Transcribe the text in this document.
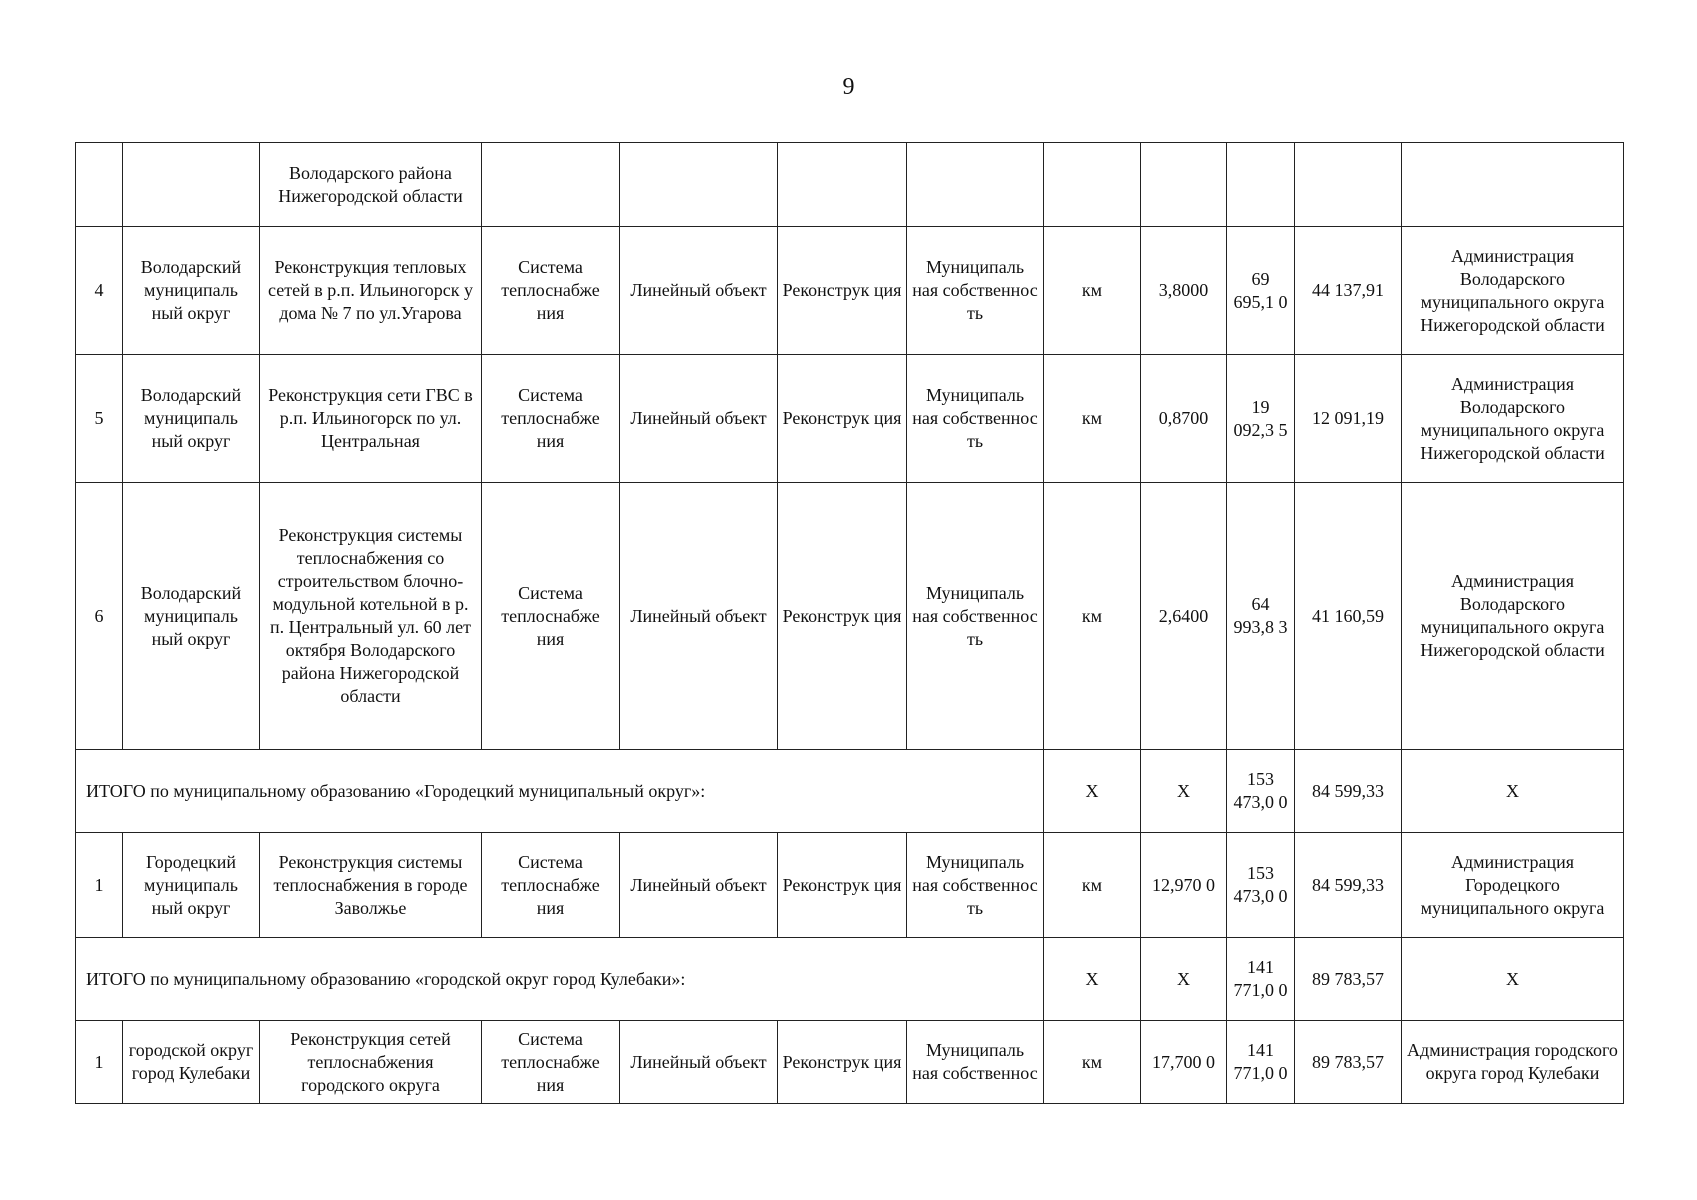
9
		Володарского района Нижегородской области									
4	Володарский муниципаль ный округ	Реконструкция тепловых сетей в р.п. Ильиногорск у дома № 7 по ул.Угарова	Система теплоснабже ния	Линейный объект	Реконструк ция	Муниципаль ная собственнос ть	км	3,8000	69 695,1 0	44 137,91	Администрация Володарского муниципального округа Нижегородской области
5	Володарский муниципаль ный округ	Реконструкция сети ГВС в р.п. Ильиногорск по ул. Центральная	Система теплоснабже ния	Линейный объект	Реконструк ция	Муниципаль ная собственнос ть	км	0,8700	19 092,3 5	12 091,19	Администрация Володарского муниципального округа Нижегородской области
6	Володарский муниципаль ный округ	Реконструкция системы теплоснабжения со строительством блочно-модульной котельной в р. п. Центральный ул. 60 лет октября Володарского района Нижегородской области	Система теплоснабже ния	Линейный объект	Реконструк ция	Муниципаль ная собственнос ть	км	2,6400	64 993,8 3	41 160,59	Администрация Володарского муниципального округа Нижегородской области
ИТОГО по муниципальному образованию «Городецкий муниципальный округ»:							Х	Х	153 473,0 0	84 599,33	Х
1	Городецкий муниципаль ный округ	Реконструкция системы теплоснабжения в городе Заволжье	Система теплоснабже ния	Линейный объект	Реконструк ция	Муниципаль ная собственнос ть	км	12,970 0	153 473,0 0	84 599,33	Администрация Городецкого муниципального округа
ИТОГО по муниципальному образованию «городской округ город Кулебаки»:							Х	Х	141 771,0 0	89 783,57	Х
1	городской округ город Кулебаки	Реконструкция сетей теплоснабжения городского округа	Система теплоснабже ния	Линейный объект	Реконструк ция	Муниципаль ная собственнос	км	17,700 0	141 771,0 0	89 783,57	Администрация городского округа город Кулебаки
